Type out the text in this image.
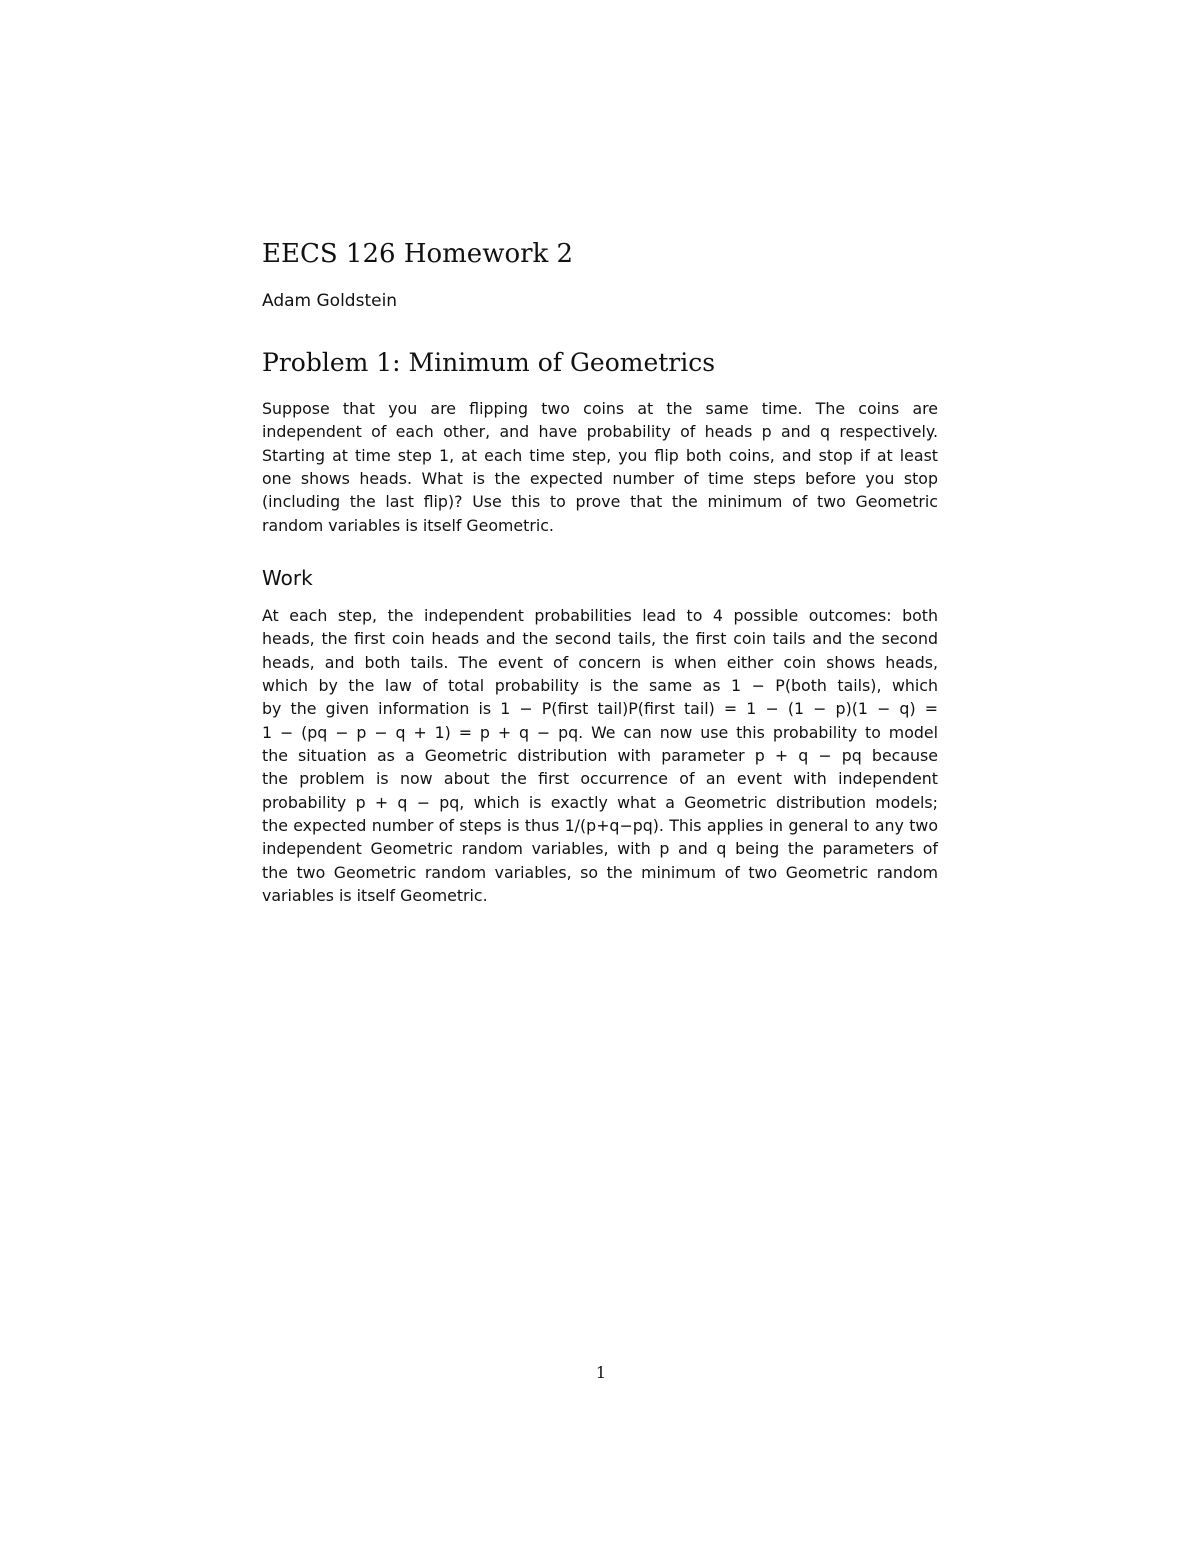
EECS 126 Homework 2

Adam Goldstein

Problem 1: Minimum of Geometrics
Suppose that you are flipping two coins at the same time. The coins are
independent of each other, and have probability of heads p and q respectively.
Starting at time step 1, at each time step, you flip both coins, and stop if at least
one shows heads. What is the expected number of time steps before you stop
(including the last flip)? Use this to prove that the minimum of two Geometric
random variables is itself Geometric.
Work
At each step, the independent probabilities lead to 4 possible outcomes: both
heads, the first coin heads and the second tails, the first coin tails and the second
heads, and both tails. The event of concern is when either coin shows heads,
which by the law of total probability is the same as 1 − P(both tails), which
by the given information is 1 − P(first tail)P(first tail) = 1 − (1 − p)(1 − q) =
1 − (pq − p − q + 1) = p + q − pq. We can now use this probability to model
the situation as a Geometric distribution with parameter p + q − pq because
the problem is now about the first occurrence of an event with independent
probability p + q − pq, which is exactly what a Geometric distribution models;
the expected number of steps is thus 1/(p+q−pq). This applies in general to any two
independent Geometric random variables, with p and q being the parameters of
the two Geometric random variables, so the minimum of two Geometric random
variables is itself Geometric.
1
